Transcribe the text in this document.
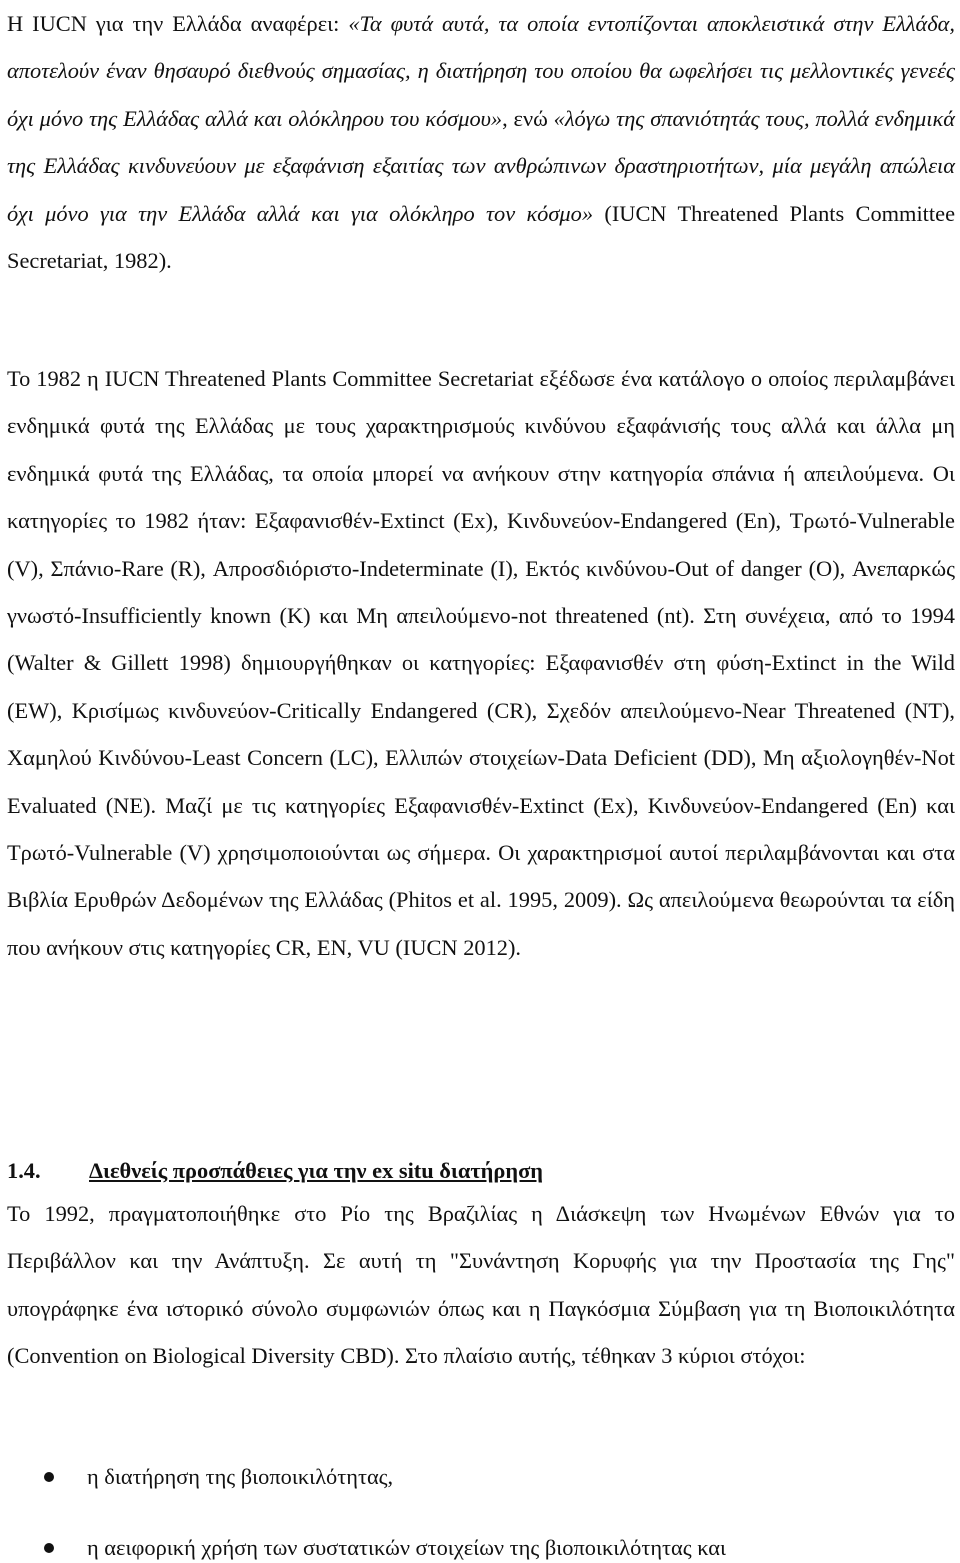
Η IUCN για την Ελλάδα αναφέρει: «Τα φυτά αυτά, τα οποία εντοπίζονται αποκλειστικά στην Ελλάδα, αποτελούν έναν θησαυρό διεθνούς σημασίας, η διατήρηση του οποίου θα ωφελήσει τις μελλοντικές γενεές όχι μόνο της Ελλάδας αλλά και ολόκληρου του κόσμου», ενώ «λόγω της σπανιότητάς τους, πολλά ενδημικά της Ελλάδας κινδυνεύουν με εξαφάνιση εξαιτίας των ανθρώπινων δραστηριοτήτων, μία μεγάλη απώλεια όχι μόνο για την Ελλάδα αλλά και για ολόκληρο τον κόσμο» (IUCN Threatened Plants Committee Secretariat, 1982).

Το 1982 η IUCN Threatened Plants Committee Secretariat εξέδωσε ένα κατάλογο ο οποίος περιλαμβάνει ενδημικά φυτά της Ελλάδας με τους χαρακτηρισμούς κινδύνου εξαφάνισής τους αλλά και άλλα μη ενδημικά φυτά της Ελλάδας, τα οποία μπορεί να ανήκουν στην κατηγορία σπάνια ή απειλούμενα. Οι κατηγορίες το 1982 ήταν: Εξαφανισθέν-Extinct (Ex), Κινδυνεύον-Endangered (En), Τρωτό-Vulnerable (V), Σπάνιο-Rare (R), Απροσδιόριστο-Indeterminate (I), Εκτός κινδύνου-Out of danger (O), Ανεπαρκώς γνωστό-Insufficiently known (K) και Μη απειλούμενο-not threatened (nt). Στη συνέχεια, από το 1994 (Walter & Gillett 1998) δημιουργήθηκαν οι κατηγορίες: Εξαφανισθέν στη φύση-Extinct in the Wild (EW), Κρισίμως κινδυνεύον-Critically Endangered (CR), Σχεδόν απειλούμενο-Near Threatened (NT), Χαμηλού Κινδύνου-Least Concern (LC), Ελλιπών στοιχείων-Data Deficient (DD), Μη αξιολογηθέν-Not Evaluated (NE). Μαζί με τις κατηγορίες Εξαφανισθέν-Extinct (Ex), Κινδυνεύον-Endangered (En) και Τρωτό-Vulnerable (V) χρησιμοποιούνται ως σήμερα. Οι χαρακτηρισμοί αυτοί περιλαμβάνονται και στα Βιβλία Ερυθρών Δεδομένων της Ελλάδας (Phitos et al. 1995, 2009). Ως απειλούμενα θεωρούνται τα είδη που ανήκουν στις κατηγορίες CR, EN, VU (IUCN 2012).

1.4. Διεθνείς προσπάθειες για την ex situ διατήρηση

Το 1992, πραγματοποιήθηκε στο Ρίο της Βραζιλίας η Διάσκεψη των Ηνωμένων Εθνών για το Περιβάλλον και την Ανάπτυξη. Σε αυτή τη "Συνάντηση Κορυφής για την Προστασία της Γης" υπογράφηκε ένα ιστορικό σύνολο συμφωνιών όπως και η Παγκόσμια Σύμβαση για τη Βιοποικιλότητα (Convention on Biological Diversity CBD). Στο πλαίσιο αυτής, τέθηκαν 3 κύριοι στόχοι:

η διατήρηση της βιοποικιλότητας,
η αειφορική χρήση των συστατικών στοιχείων της βιοποικιλότητας και
